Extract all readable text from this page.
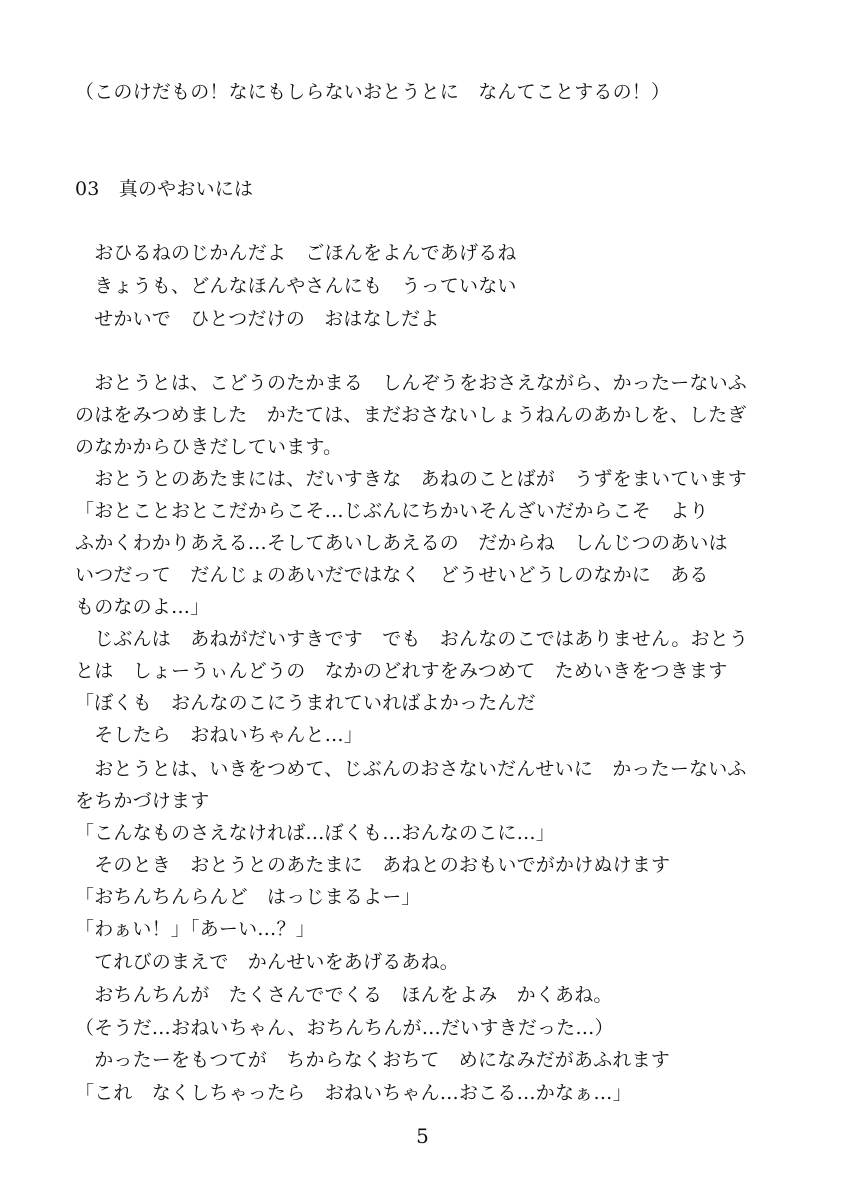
（このけだもの！なにもしらないおとうとに　なんてことするの！）
03　真のやおいには
　おひるねのじかんだよ　ごほんをよんであげるね
　きょうも、どんなほんやさんにも　うっていない
　せかいで　ひとつだけの　おはなしだよ
　おとうとは、こどうのたかまる　しんぞうをおさえながら、かったーないふ
のはをみつめました　かたては、まだおさないしょうねんのあかしを、したぎ
のなかからひきだしています。
　おとうとのあたまには、だいすきな　あねのことばが　うずをまいています
「おとことおとこだからこそ…じぶんにちかいそんざいだからこそ　より
ふかくわかりあえる…そしてあいしあえるの　だからね　しんじつのあいは
いつだって　だんじょのあいだではなく　どうせいどうしのなかに　ある
ものなのよ…」
　じぶんは　あねがだいすきです　でも　おんなのこではありません。おとう
とは　しょーうぃんどうの　なかのどれすをみつめて　ためいきをつきます
「ぼくも　おんなのこにうまれていればよかったんだ
　そしたら　おねいちゃんと…」
　おとうとは、いきをつめて、じぶんのおさないだんせいに　かったーないふ
をちかづけます
「こんなものさえなければ…ぼくも…おんなのこに…」
　そのとき　おとうとのあたまに　あねとのおもいでがかけぬけます
「おちんちんらんど　はっじまるよー」
「わぁい！」「あーい…？」
　てれびのまえで　かんせいをあげるあね。
　おちんちんが　たくさんででくる　ほんをよみ　かくあね。
（そうだ…おねいちゃん、おちんちんが…だいすきだった…）
　かったーをもつてが　ちからなくおちて　めになみだがあふれます
「これ　なくしちゃったら　おねいちゃん…おこる…かなぁ…」
5
